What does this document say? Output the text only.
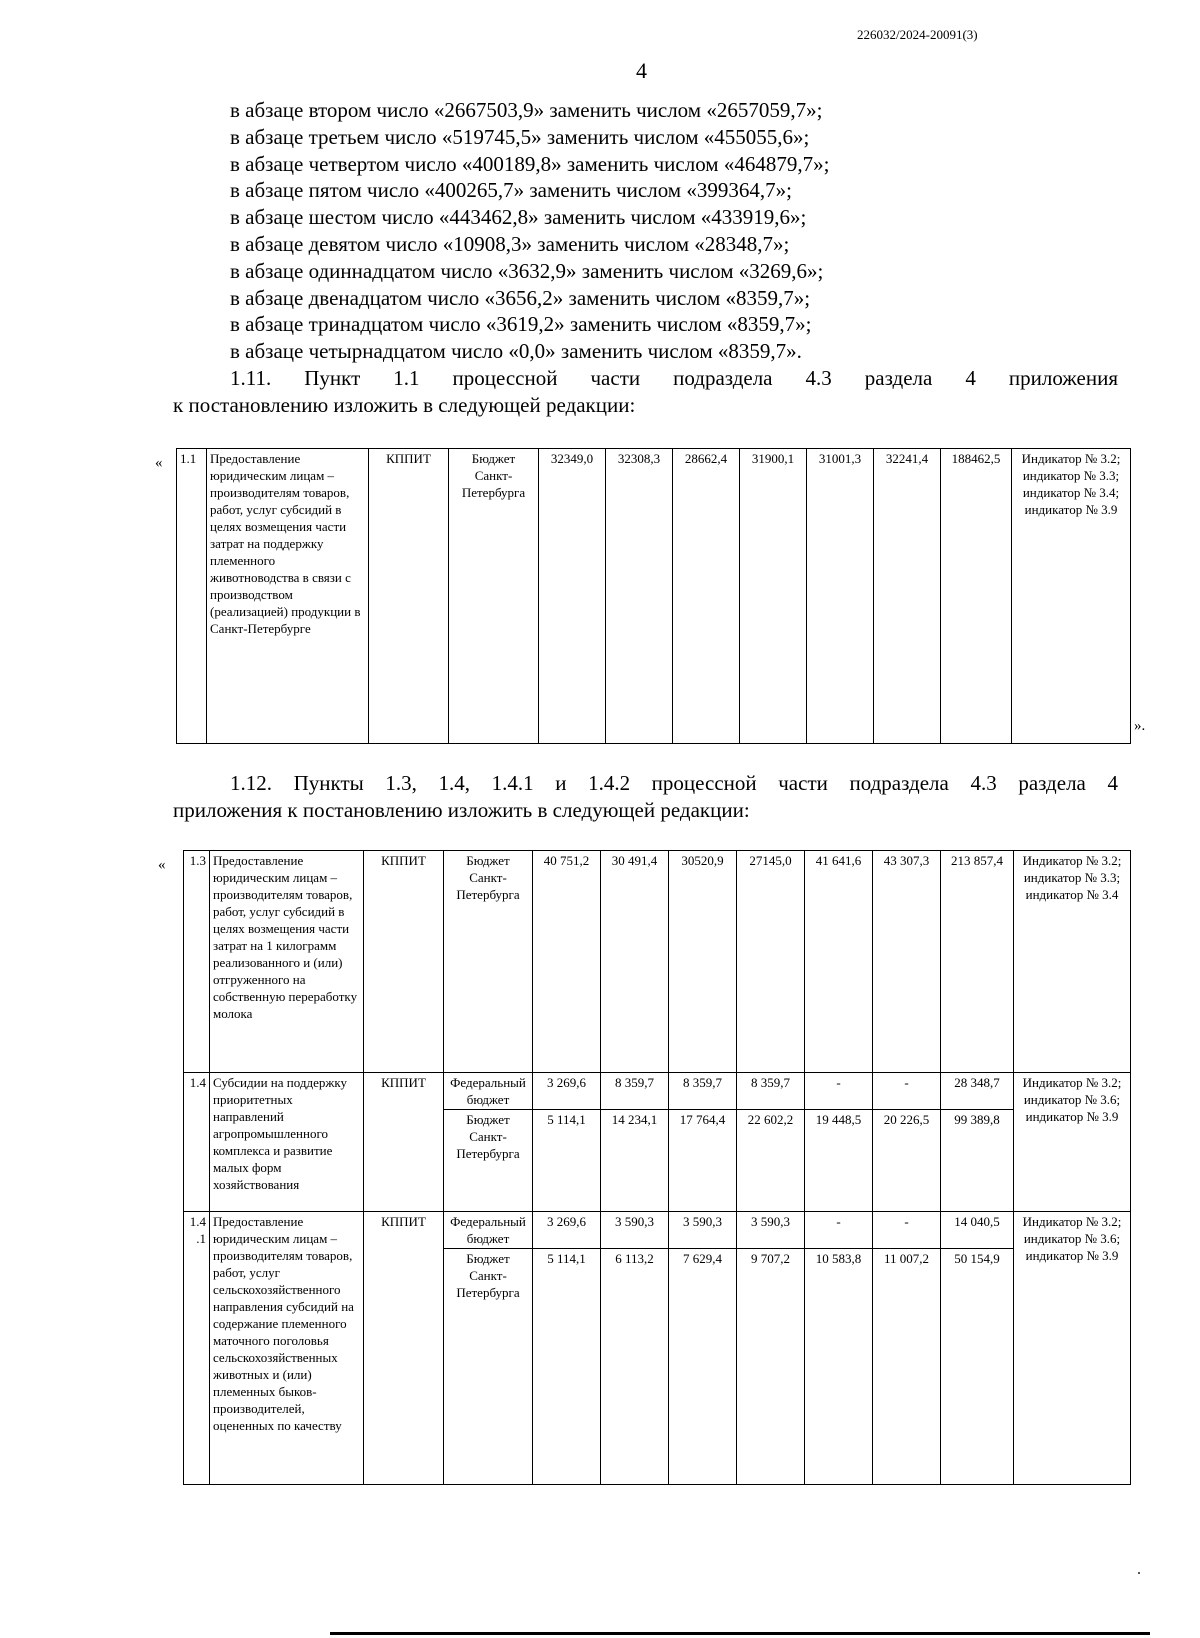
226032/2024-20091(3)
4
в абзаце втором число «2667503,9» заменить числом «2657059,7»;
в абзаце третьем число «519745,5» заменить числом «455055,6»;
в абзаце четвертом число «400189,8» заменить числом «464879,7»;
в абзаце пятом число «400265,7» заменить числом «399364,7»;
в абзаце шестом число «443462,8» заменить числом «433919,6»;
в абзаце девятом число «10908,3» заменить числом «28348,7»;
в абзаце одиннадцатом число «3632,9» заменить числом «3269,6»;
в абзаце двенадцатом число «3656,2» заменить числом «8359,7»;
в абзаце тринадцатом число «3619,2» заменить числом «8359,7»;
в абзаце четырнадцатом число «0,0» заменить числом «8359,7».

1.11. Пункт 1.1 процессной части подраздела 4.3 раздела 4 приложения
к постановлению изложить в следующей редакции:

« 1.1	Предоставление юридическим лицам – производителям товаров, работ, услуг субсидий в целях возмещения части затрат на поддержку племенного животноводства в связи с производством (реализацией) продукции в Санкт-Петербурге	КППИТ	Бюджет Санкт-Петербурга	32349,0	32308,3	28662,4	31900,1	31001,3	32241,4	188462,5	Индикатор № 3.2; индикатор № 3.3; индикатор № 3.4; индикатор № 3.9
».

1.12. Пункты 1.3, 1.4, 1.4.1 и 1.4.2 процессной части подраздела 4.3 раздела 4
приложения к постановлению изложить в следующей редакции:

« 1.3	Предоставление юридическим лицам – производителям товаров, работ, услуг субсидий в целях возмещения части затрат на 1 килограмм реализованного и (или) отгруженного на собственную переработку молока	КППИТ	Бюджет Санкт-Петербурга	40 751,2	30 491,4	30520,9	27145,0	41 641,6	43 307,3	213 857,4	Индикатор № 3.2; индикатор № 3.3; индикатор № 3.4
1.4	Субсидии на поддержку приоритетных направлений агропромышленного комплекса и развитие малых форм хозяйствования	КППИТ	Федеральный бюджет	3 269,6	8 359,7	8 359,7	8 359,7	-	-	28 348,7	Индикатор № 3.2; индикатор № 3.6; индикатор № 3.9
			Бюджет Санкт-Петербурга	5 114,1	14 234,1	17 764,4	22 602,2	19 448,5	20 226,5	99 389,8	
1.4.1	Предоставление юридическим лицам – производителям товаров, работ, услуг сельскохозяйственного направления субсидий на содержание племенного маточного поголовья сельскохозяйственных животных и (или) племенных быков-производителей, оцененных по качеству	КППИТ	Федеральный бюджет	3 269,6	3 590,3	3 590,3	3 590,3	-	-	14 040,5	Индикатор № 3.2; индикатор № 3.6; индикатор № 3.9
			Бюджет Санкт-Петербурга	5 114,1	6 113,2	7 629,4	9 707,2	10 583,8	11 007,2	50 154,9	
